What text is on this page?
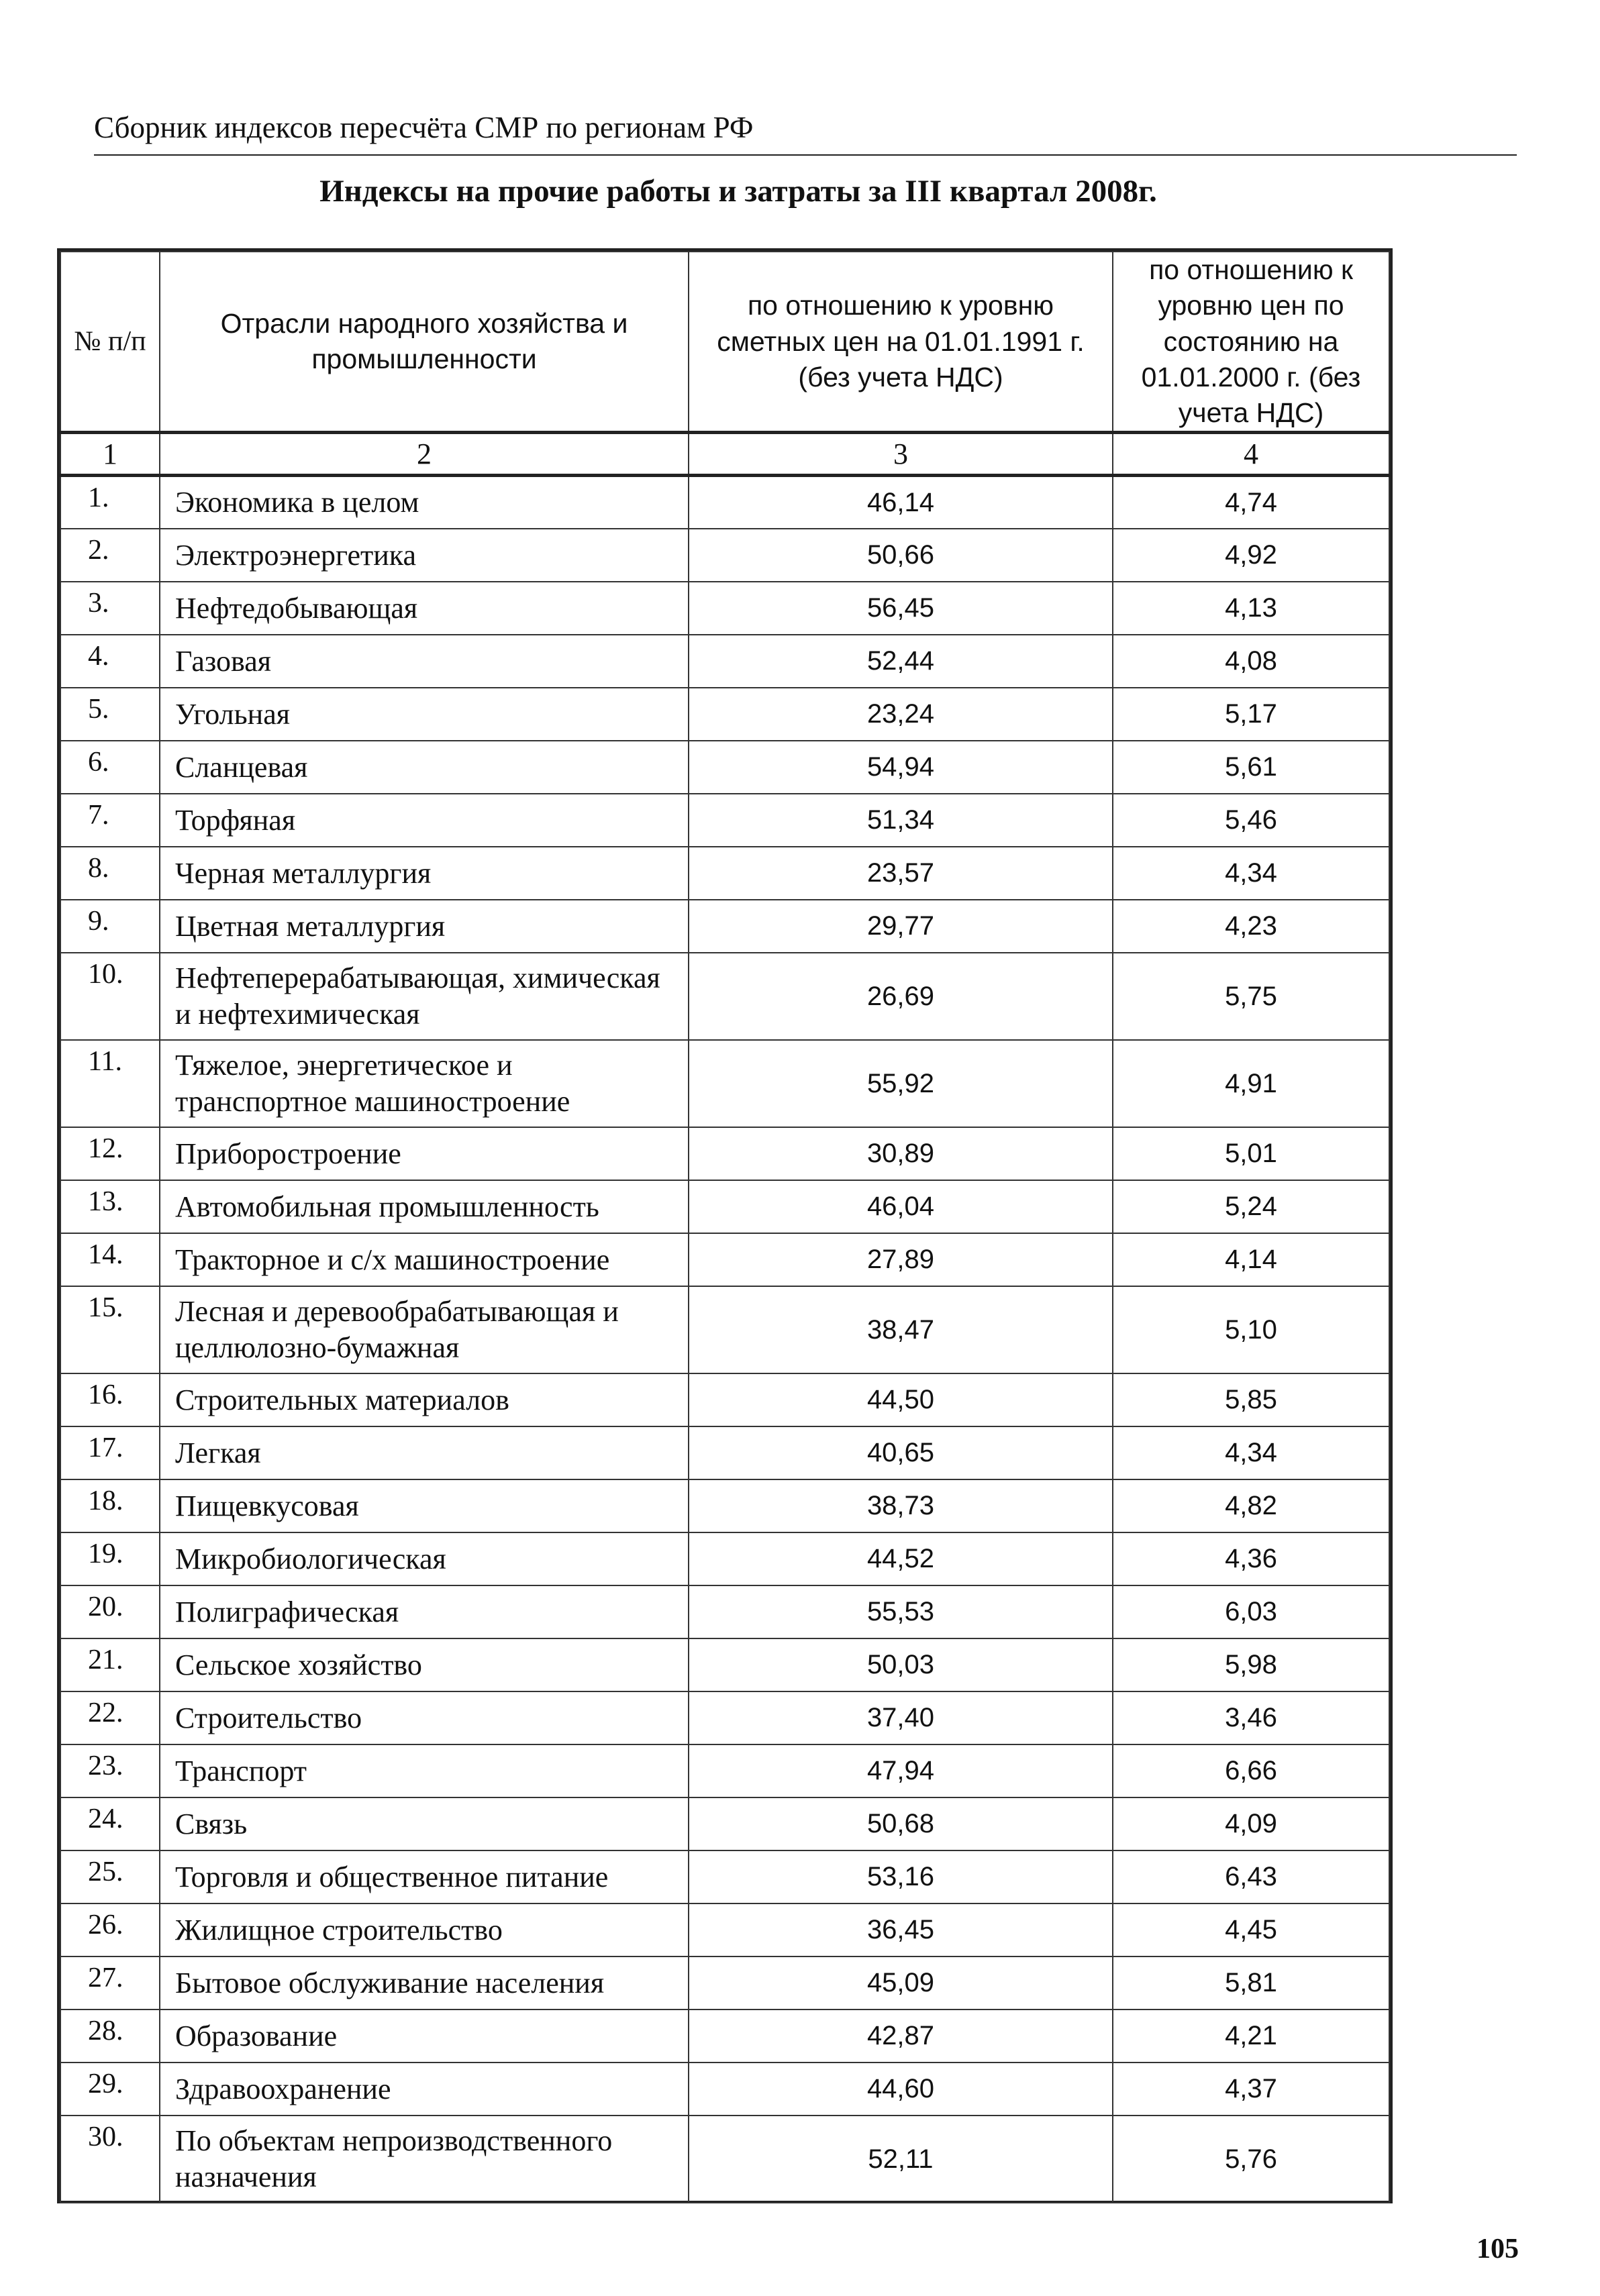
Сборник индексов пересчёта СМР по регионам РФ
Индексы на прочие работы и затраты за III квартал 2008г.
№ п/п	Отрасли народного хозяйства и промышленности	по отношению к уровню сметных цен на 01.01.1991 г. (без учета НДС)	по отношению к уровню цен по состоянию на 01.01.2000 г. (без учета НДС)
1	2	3	4
1.	Экономика в целом	46,14	4,74
2.	Электроэнергетика	50,66	4,92
3.	Нефтедобывающая	56,45	4,13
4.	Газовая	52,44	4,08
5.	Угольная	23,24	5,17
6.	Сланцевая	54,94	5,61
7.	Торфяная	51,34	5,46
8.	Черная металлургия	23,57	4,34
9.	Цветная металлургия	29,77	4,23
10.	Нефтеперерабатывающая, химическая и нефтехимическая	26,69	5,75
11.	Тяжелое, энергетическое и транспортное машиностроение	55,92	4,91
12.	Приборостроение	30,89	5,01
13.	Автомобильная промышленность	46,04	5,24
14.	Тракторное и с/х машиностроение	27,89	4,14
15.	Лесная и деревообрабатывающая и целлюлозно-бумажная	38,47	5,10
16.	Строительных материалов	44,50	5,85
17.	Легкая	40,65	4,34
18.	Пищевкусовая	38,73	4,82
19.	Микробиологическая	44,52	4,36
20.	Полиграфическая	55,53	6,03
21.	Сельское хозяйство	50,03	5,98
22.	Строительство	37,40	3,46
23.	Транспорт	47,94	6,66
24.	Связь	50,68	4,09
25.	Торговля и общественное питание	53,16	6,43
26.	Жилищное строительство	36,45	4,45
27.	Бытовое обслуживание населения	45,09	5,81
28.	Образование	42,87	4,21
29.	Здравоохранение	44,60	4,37
30.	По объектам непроизводственного назначения	52,11	5,76
105
